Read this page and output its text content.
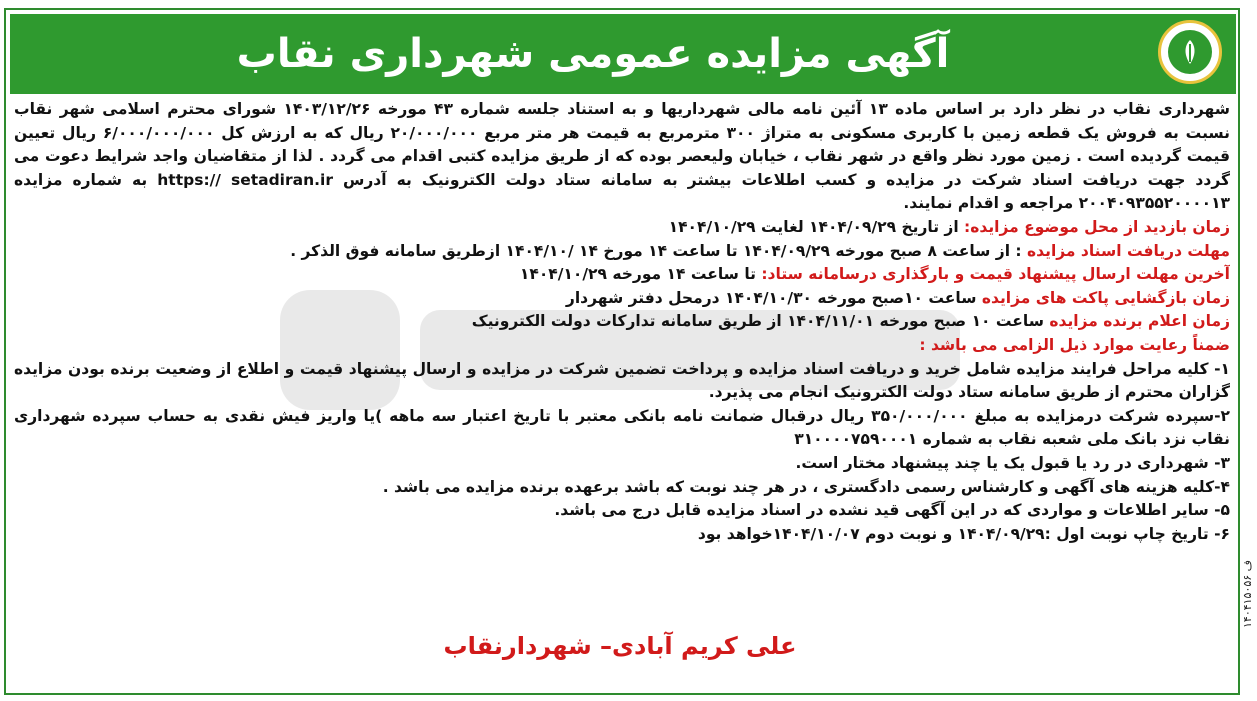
آگهی مزایده عمومی شهرداری نقاب

شهرداری نقاب در نظر دارد بر اساس ماده ۱۳ آئین نامه مالی شهرداریها و به استناد جلسه شماره ۴۳ مورخه ۱۴۰۳/۱۲/۲۶ شورای محترم اسلامی شهر نقاب نسبت به فروش یک قطعه زمین با کاربری مسکونی به متراژ ۳۰۰ مترمربع به قیمت هر متر مربع ۲۰/۰۰۰/۰۰۰ ریال که به ارزش کل ۶/۰۰۰/۰۰۰/۰۰۰ ریال تعیین قیمت گردیده است . زمین مورد نظر واقع در شهر نقاب ، خیابان ولیعصر بوده که از طریق مزایده کتبی اقدام می گردد . لذا از متقاضیان واجد شرایط دعوت می گردد جهت دریافت اسناد شرکت در مزایده و کسب اطلاعات بیشتر به سامانه ستاد دولت الکترونیک به آدرس https:// setadiran.ir به شماره مزایده ۲۰۰۴۰۹۳۵۵۲۰۰۰۰۱۳ مراجعه و اقدام نمایند.

زمان بازدید از محل موضوع مزایده: از تاریخ ۱۴۰۴/۰۹/۲۹ لغایت ۱۴۰۴/۱۰/۲۹
مهلت دریافت اسناد مزایده : از ساعت ۸ صبح مورخه ۱۴۰۴/۰۹/۲۹ تا ساعت ۱۴ مورخ ۱۴ /۱۴۰۴/۱۰ ازطریق سامانه فوق الذکر .
آخرین مهلت ارسال پیشنهاد قیمت و بارگذاری درسامانه ستاد: تا ساعت ۱۴ مورخه ۱۴۰۴/۱۰/۲۹
زمان بازگشایی پاکت های مزایده ساعت ۱۰صبح مورخه ۱۴۰۴/۱۰/۳۰ درمحل دفتر شهردار
زمان اعلام برنده مزایده ساعت ۱۰ صبح مورخه ۱۴۰۴/۱۱/۰۱ از طریق سامانه تدارکات دولت الکترونیک

ضمناً رعایت موارد ذیل الزامی می باشد :

۱- کلیه مراحل فرایند مزایده شامل خرید و دریافت اسناد مزایده و پرداخت تضمین شرکت در مزایده و ارسال پیشنهاد قیمت و اطلاع از وضعیت برنده بودن مزایده گزاران محترم از طریق سامانه ستاد دولت الکترونیک انجام می پذیرد.

۲-سپرده شرکت درمزایده به مبلغ ۳۵۰/۰۰۰/۰۰۰ ریال درقبال ضمانت نامه بانکی معتبر با تاریخ اعتبار سه ماهه )یا واریز فیش نقدی به حساب سپرده شهرداری نقاب نزد بانک ملی شعبه نقاب به شماره ۳۱۰۰۰۰۷۵۹۰۰۰۱

۳- شهرداری در رد یا قبول یک یا چند پیشنهاد مختار است.

۴-کلیه هزینه های آگهی و کارشناس رسمی دادگستری ، در هر چند نوبت که باشد برعهده برنده مزایده می باشد .

۵- سایر اطلاعات و مواردی که در این آگهی قید نشده در اسناد مزایده قابل درج می باشد.

۶- تاریخ چاپ نوبت اول :۱۴۰۴/۰۹/۲۹ و نوبت دوم ۱۴۰۴/۱۰/۰۷خواهد بود

علی کریم آبادی– شهردارنقاب
ف ۱۴۰۴۱۵۰۵۶
